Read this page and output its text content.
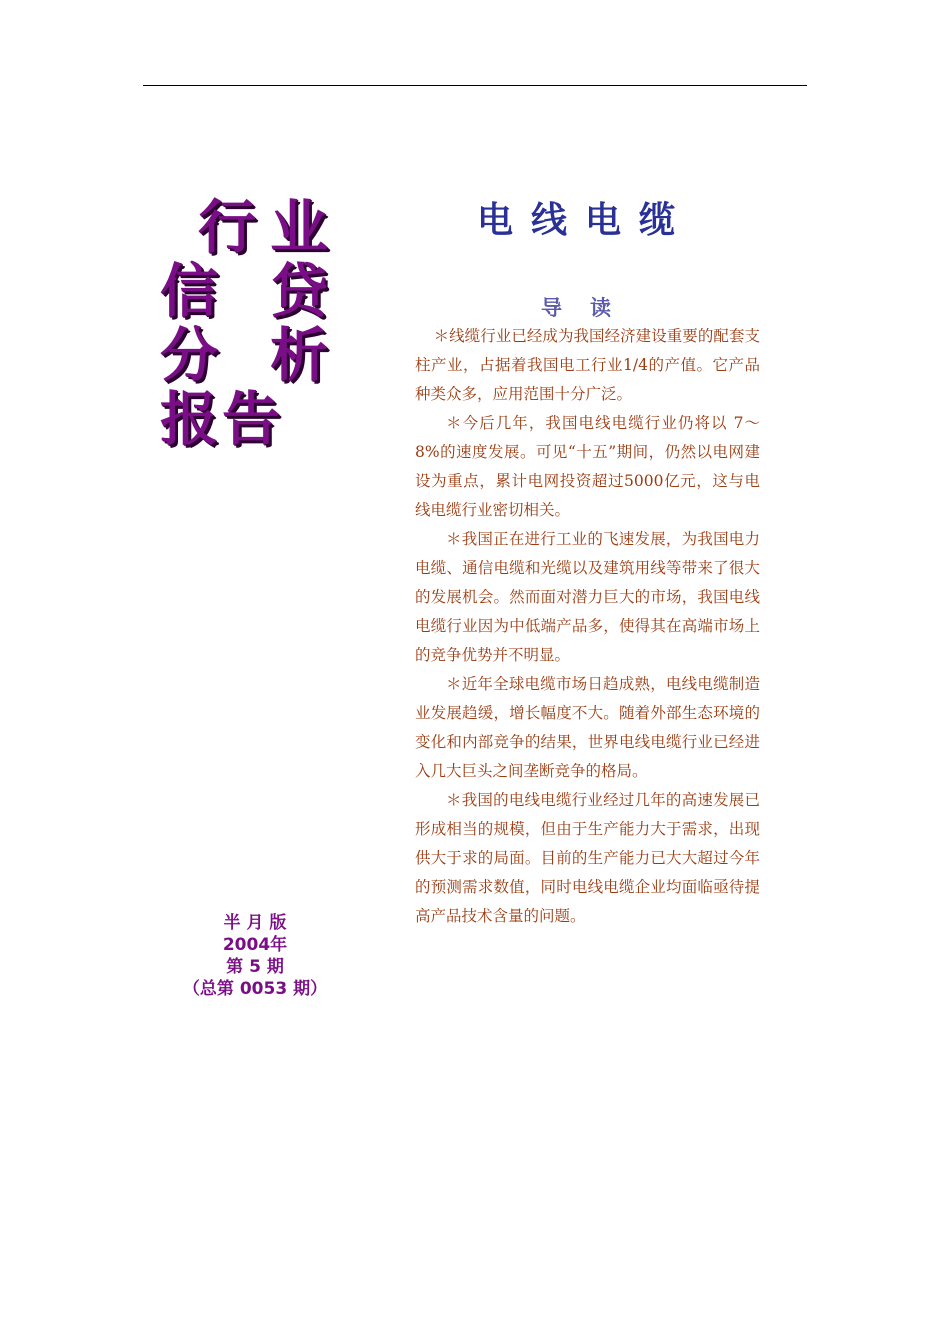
行 业
信 贷
分 析
报 告
半 月 版
2004年
第 5 期
（总第 0053 期）
电线电缆
导读

＊线缆行业已经成为我国经济建设重要的配套支柱产业，占据着我国电工行业1/4的产值。它产品种类众多，应用范围十分广泛。

＊今后几年，我国电线电缆行业仍将以 7～8%的速度发展。可见“十五”期间，仍然以电网建设为重点，累计电网投资超过5000亿元，这与电线电缆行业密切相关。

＊我国正在进行工业的飞速发展，为我国电力电缆、通信电缆和光缆以及建筑用线等带来了很大的发展机会。然而面对潜力巨大的市场，我国电线电缆行业因为中低端产品多，使得其在高端市场上的竞争优势并不明显。

＊近年全球电缆市场日趋成熟，电线电缆制造业发展趋缓，增长幅度不大。随着外部生态环境的变化和内部竞争的结果，世界电线电缆行业已经进入几大巨头之间垄断竞争的格局。

＊我国的电线电缆行业经过几年的高速发展已形成相当的规模，但由于生产能力大于需求，出现供大于求的局面。目前的生产能力已大大超过今年的预测需求数值，同时电线电缆企业均面临亟待提高产品技术含量的问题。
